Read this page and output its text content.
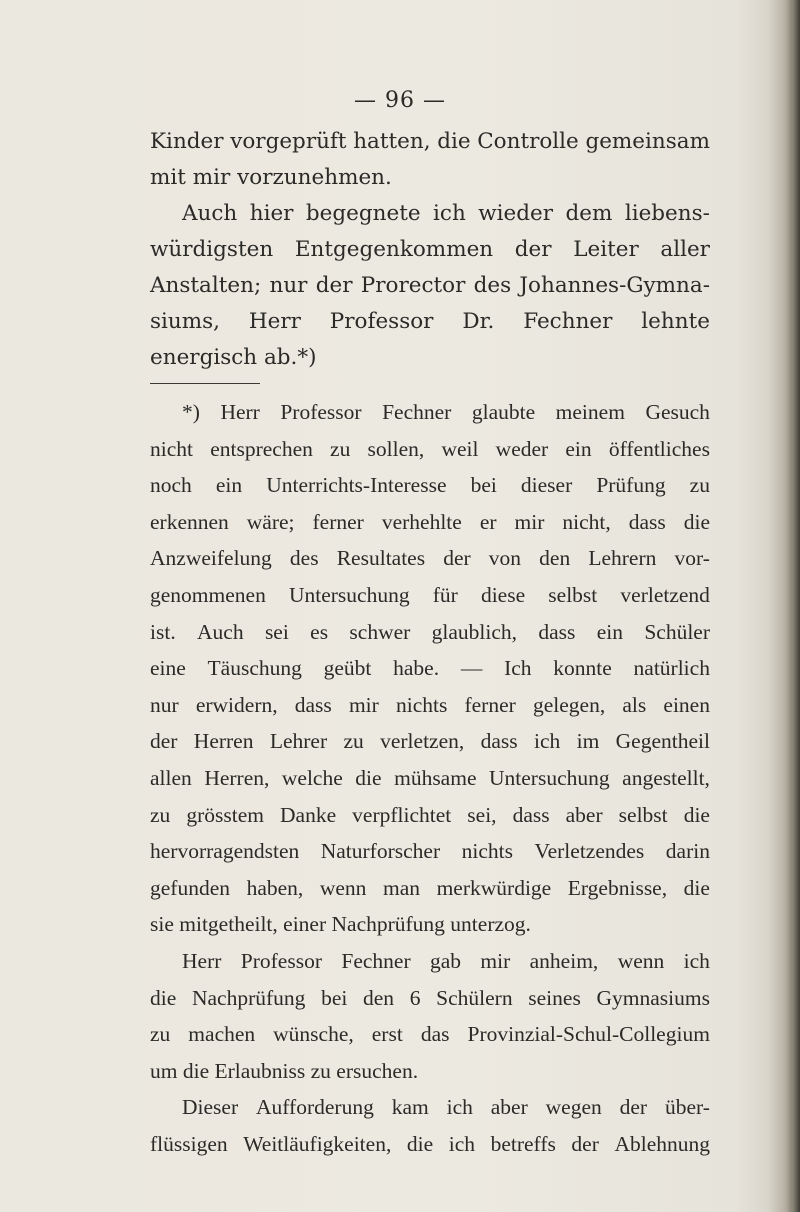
— 96 —
Kinder vorgeprüft hatten, die Controlle gemeinsam
mit mir vorzunehmen.
Auch hier begegnete ich wieder dem liebens-
würdigsten Entgegenkommen der Leiter aller
Anstalten; nur der Prorector des Johannes-Gymna-
siums, Herr Professor Dr. Fechner lehnte
energisch ab.*)
*) Herr Professor Fechner glaubte meinem Gesuch
nicht entsprechen zu sollen, weil weder ein öffentliches
noch ein Unterrichts-Interesse bei dieser Prüfung zu
erkennen wäre; ferner verhehlte er mir nicht, dass die
Anzweifelung des Resultates der von den Lehrern vor-
genommenen Untersuchung für diese selbst verletzend
ist. Auch sei es schwer glaublich, dass ein Schüler
eine Täuschung geübt habe. — Ich konnte natürlich
nur erwidern, dass mir nichts ferner gelegen, als einen
der Herren Lehrer zu verletzen, dass ich im Gegentheil
allen Herren, welche die mühsame Untersuchung angestellt,
zu grösstem Danke verpflichtet sei, dass aber selbst die
hervorragendsten Naturforscher nichts Verletzendes darin
gefunden haben, wenn man merkwürdige Ergebnisse, die
sie mitgetheilt, einer Nachprüfung unterzog.
Herr Professor Fechner gab mir anheim, wenn ich
die Nachprüfung bei den 6 Schülern seines Gymnasiums
zu machen wünsche, erst das Provinzial-Schul-Collegium
um die Erlaubniss zu ersuchen.
Dieser Aufforderung kam ich aber wegen der über-
flüssigen Weitläufigkeiten, die ich betreffs der Ablehnung
